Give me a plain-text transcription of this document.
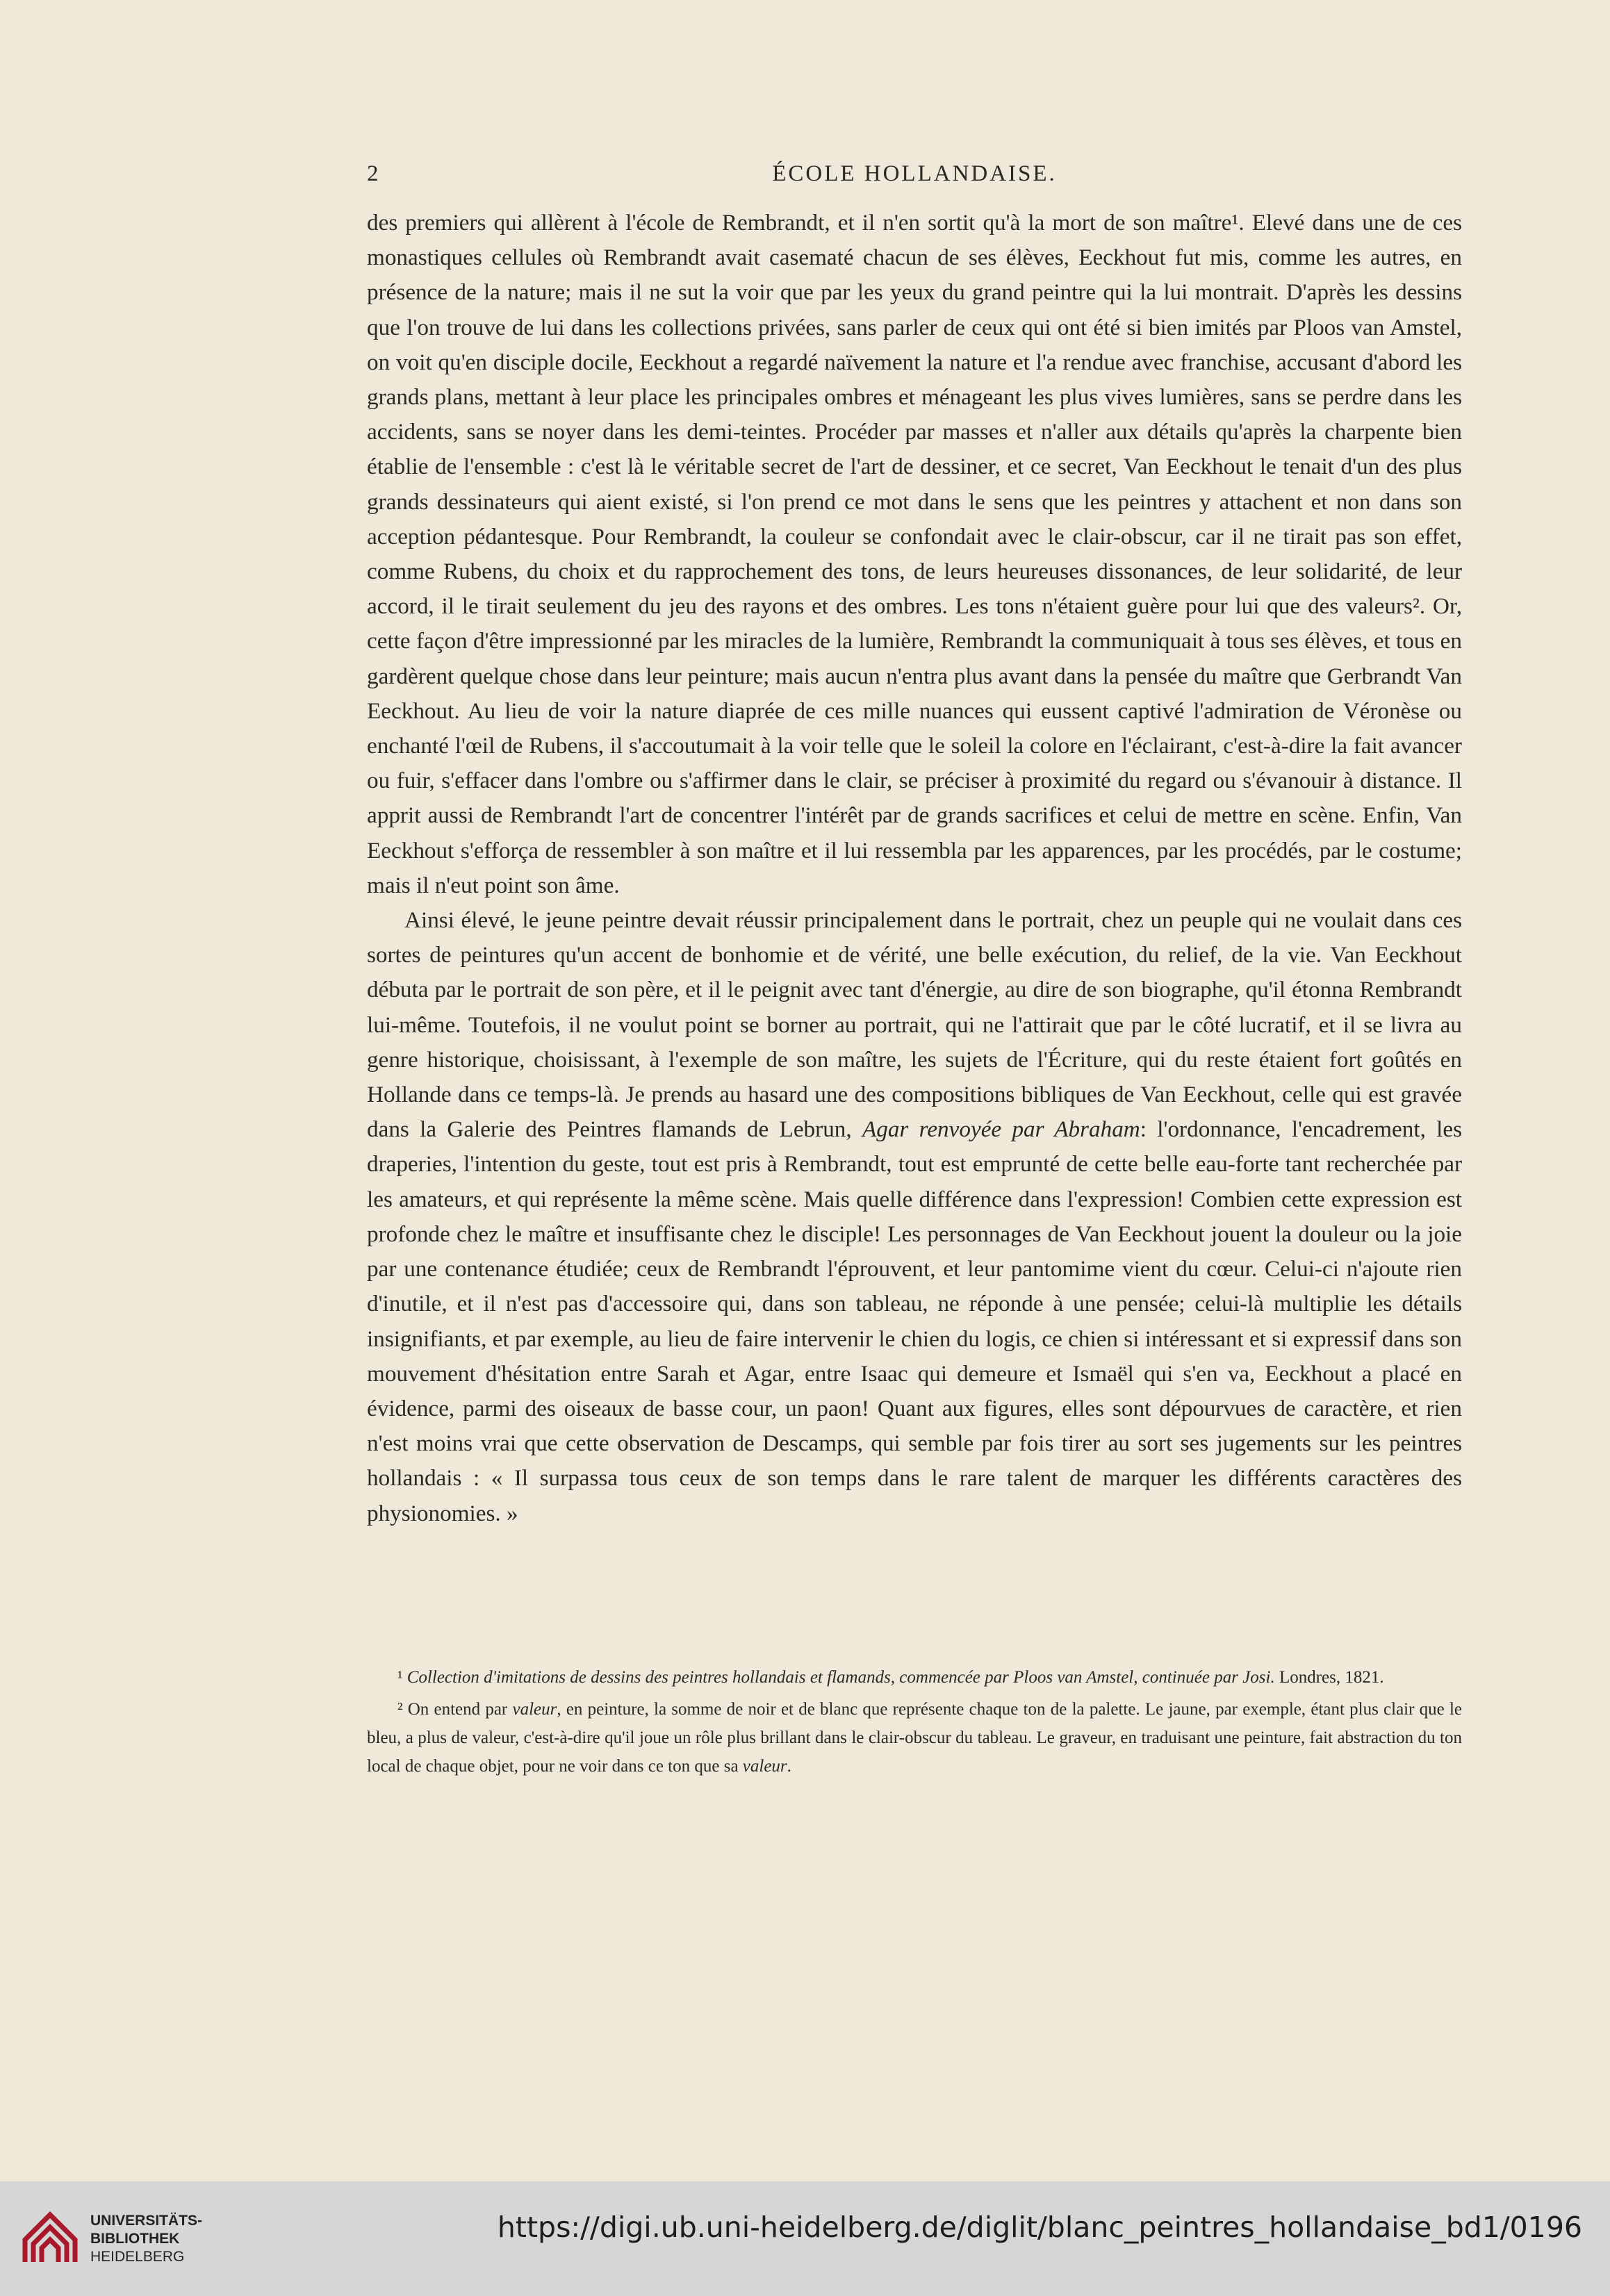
2	ÉCOLE HOLLANDAISE.

des premiers qui allèrent à l'école de Rembrandt, et il n'en sortit qu'à la mort de son maître¹. Elevé dans une de ces monastiques cellules où Rembrandt avait casematé chacun de ses élèves, Eeckhout fut mis, comme les autres, en présence de la nature; mais il ne sut la voir que par les yeux du grand peintre qui la lui montrait. D'après les dessins que l'on trouve de lui dans les collections privées, sans parler de ceux qui ont été si bien imités par Ploos van Amstel, on voit qu'en disciple docile, Eeckhout a regardé naïvement la nature et l'a rendue avec franchise, accusant d'abord les grands plans, mettant à leur place les principales ombres et ménageant les plus vives lumières, sans se perdre dans les accidents, sans se noyer dans les demi-teintes. Procéder par masses et n'aller aux détails qu'après la charpente bien établie de l'ensemble : c'est là le véritable secret de l'art de dessiner, et ce secret, Van Eeckhout le tenait d'un des plus grands dessinateurs qui aient existé, si l'on prend ce mot dans le sens que les peintres y attachent et non dans son acception pédantesque. Pour Rembrandt, la couleur se confondait avec le clair-obscur, car il ne tirait pas son effet, comme Rubens, du choix et du rapprochement des tons, de leurs heureuses dissonances, de leur solidarité, de leur accord, il le tirait seulement du jeu des rayons et des ombres. Les tons n'étaient guère pour lui que des valeurs². Or, cette façon d'être impressionné par les miracles de la lumière, Rembrandt la communiquait à tous ses élèves, et tous en gardèrent quelque chose dans leur peinture; mais aucun n'entra plus avant dans la pensée du maître que Gerbrandt Van Eeckhout. Au lieu de voir la nature diaprée de ces mille nuances qui eussent captivé l'admiration de Véronèse ou enchanté l'œil de Rubens, il s'accoutumait à la voir telle que le soleil la colore en l'éclairant, c'est-à-dire la fait avancer ou fuir, s'effacer dans l'ombre ou s'affirmer dans le clair, se préciser à proximité du regard ou s'évanouir à distance. Il apprit aussi de Rembrandt l'art de concentrer l'intérêt par de grands sacrifices et celui de mettre en scène. Enfin, Van Eeckhout s'efforça de ressembler à son maître et il lui ressembla par les apparences, par les procédés, par le costume; mais il n'eut point son âme.

Ainsi élevé, le jeune peintre devait réussir principalement dans le portrait, chez un peuple qui ne voulait dans ces sortes de peintures qu'un accent de bonhomie et de vérité, une belle exécution, du relief, de la vie. Van Eeckhout débuta par le portrait de son père, et il le peignit avec tant d'énergie, au dire de son biographe, qu'il étonna Rembrandt lui-même. Toutefois, il ne voulut point se borner au portrait, qui ne l'attirait que par le côté lucratif, et il se livra au genre historique, choisissant, à l'exemple de son maître, les sujets de l'Écriture, qui du reste étaient fort goûtés en Hollande dans ce temps-là. Je prends au hasard une des compositions bibliques de Van Eeckhout, celle qui est gravée dans la Galerie des Peintres flamands de Lebrun, Agar renvoyée par Abraham: l'ordonnance, l'encadrement, les draperies, l'intention du geste, tout est pris à Rembrandt, tout est emprunté de cette belle eau-forte tant recherchée par les amateurs, et qui représente la même scène. Mais quelle différence dans l'expression! Combien cette expression est profonde chez le maître et insuffisante chez le disciple! Les personnages de Van Eeckhout jouent la douleur ou la joie par une contenance étudiée; ceux de Rembrandt l'éprouvent, et leur pantomime vient du cœur. Celui-ci n'ajoute rien d'inutile, et il n'est pas d'accessoire qui, dans son tableau, ne réponde à une pensée; celui-là multiplie les détails insignifiants, et par exemple, au lieu de faire intervenir le chien du logis, ce chien si intéressant et si expressif dans son mouvement d'hésitation entre Sarah et Agar, entre Isaac qui demeure et Ismaël qui s'en va, Eeckhout a placé en évidence, parmi des oiseaux de basse cour, un paon! Quant aux figures, elles sont dépourvues de caractère, et rien n'est moins vrai que cette observation de Descamps, qui semble par fois tirer au sort ses jugements sur les peintres hollandais : « Il surpassa tous ceux de son temps dans le rare talent de marquer les différents caractères des physionomies. »

¹ Collection d'imitations de dessins des peintres hollandais et flamands, commencée par Ploos van Amstel, continuée par Josi. Londres, 1821.

² On entend par valeur, en peinture, la somme de noir et de blanc que représente chaque ton de la palette. Le jaune, par exemple, étant plus clair que le bleu, a plus de valeur, c'est-à-dire qu'il joue un rôle plus brillant dans le clair-obscur du tableau. Le graveur, en traduisant une peinture, fait abstraction du ton local de chaque objet, pour ne voir dans ce ton que sa valeur.

UNIVERSITÄTS-
BIBLIOTHEK
HEIDELBERG
https://digi.ub.uni-heidelberg.de/diglit/blanc_peintres_hollandaise_bd1/0196
